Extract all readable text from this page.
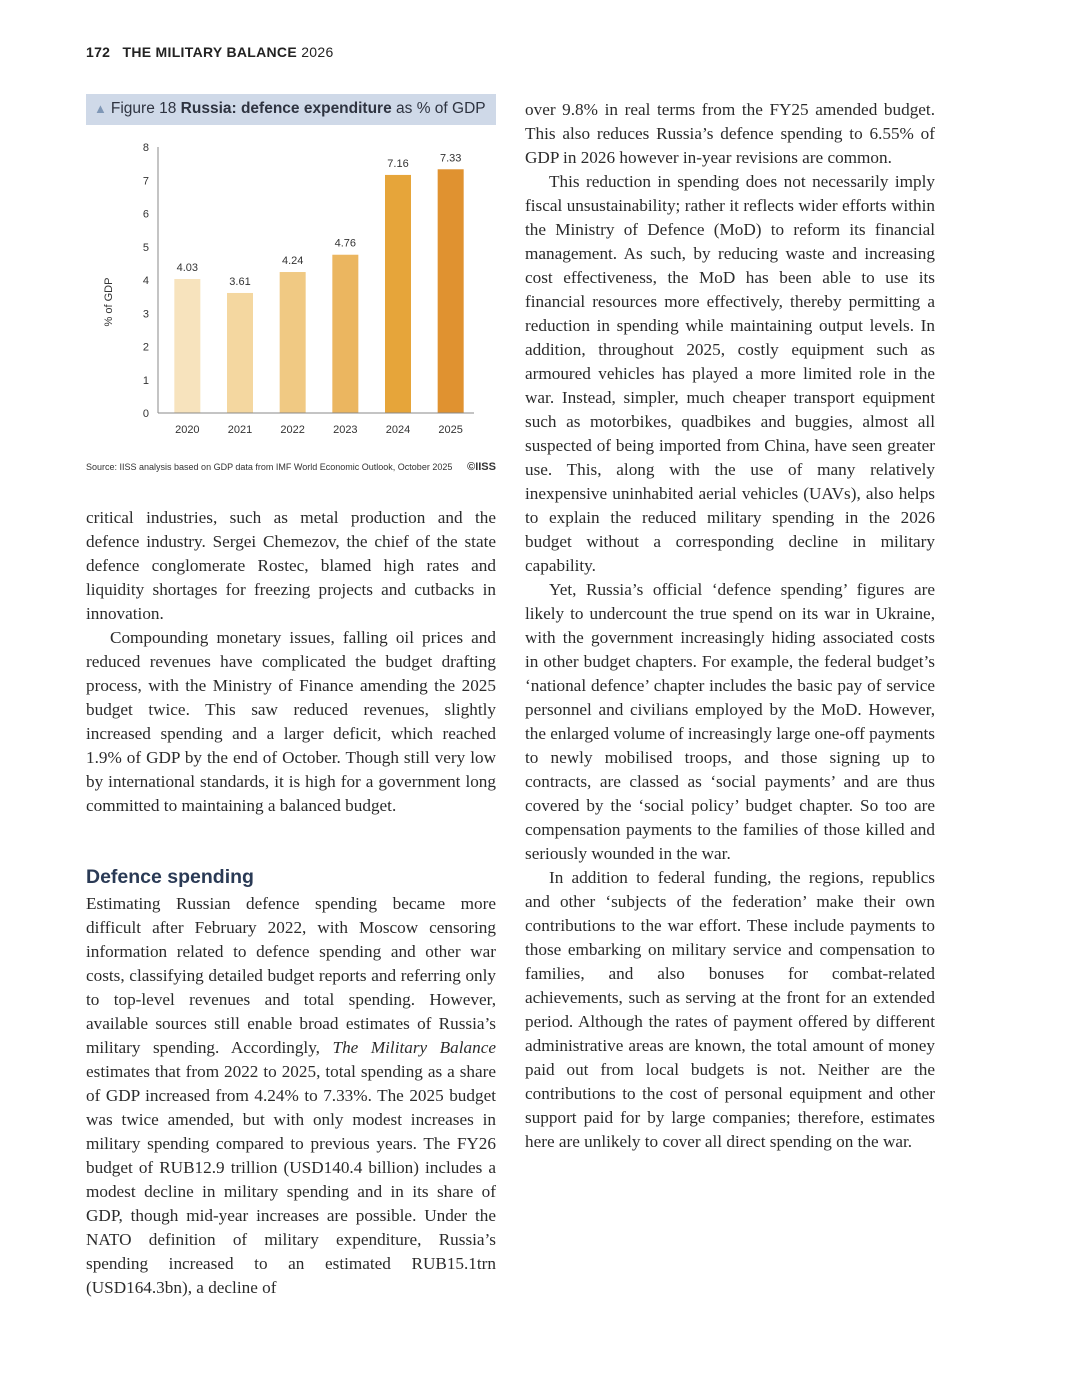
172 THE MILITARY BALANCE 2026
▲ Figure 18 Russia: defence expenditure as % of GDP
% of GDP
0
1
2
3
4
5
6
7
8
4.03
3.61
4.24
4.76
7.16	7.33
2020	2021	2022	2023	2024	2025
Source: IISS analysis based on GDP data from IMF World Economic Outlook, October 2025 ©IISS

critical industries, such as metal production and the defence industry. Sergei Chemezov, the chief of the state defence conglomerate Rostec, blamed high rates and liquidity shortages for freezing projects and cutbacks in innovation.

Compounding monetary issues, falling oil prices and reduced revenues have complicated the budget drafting process, with the Ministry of Finance amending the 2025 budget twice. This saw reduced revenues, slightly increased spending and a larger deficit, which reached 1.9% of GDP by the end of October. Though still very low by international standards, it is high for a government long committed to maintaining a balanced budget.

Defence spending

Estimating Russian defence spending became more difficult after February 2022, with Moscow censoring information related to defence spending and other war costs, classifying detailed budget reports and referring only to top-level revenues and total spending. However, available sources still enable broad estimates of Russia’s military spending. Accordingly, The Military Balance estimates that from 2022 to 2025, total spending as a share of GDP increased from 4.24% to 7.33%. The 2025 budget was twice amended, but with only modest increases in military spending compared to previous years. The FY26 budget of RUB12.9 trillion (USD140.4 billion) includes a modest decline in military spending and in its share of GDP, though mid-year increases are possible. Under the NATO definition of military expenditure, Russia’s spending increased to an estimated RUB15.1trn (USD164.3bn), a decline of

over 9.8% in real terms from the FY25 amended budget. This also reduces Russia’s defence spending to 6.55% of GDP in 2026 however in-year revisions are common.

This reduction in spending does not necessarily imply fiscal unsustainability; rather it reflects wider efforts within the Ministry of Defence (MoD) to reform its financial management. As such, by reducing waste and increasing cost effectiveness, the MoD has been able to use its financial resources more effectively, thereby permitting a reduction in spending while maintaining output levels. In addition, throughout 2025, costly equipment such as armoured vehicles has played a more limited role in the war. Instead, simpler, much cheaper transport equipment such as motorbikes, quadbikes and buggies, almost all suspected of being imported from China, have seen greater use. This, along with the use of many relatively inexpensive uninhabited aerial vehicles (UAVs), also helps to explain the reduced military spending in the 2026 budget without a corresponding decline in military capability.

Yet, Russia’s official ‘defence spending’ figures are likely to undercount the true spend on its war in Ukraine, with the government increasingly hiding associated costs in other budget chapters. For example, the federal budget’s ‘national defence’ chapter includes the basic pay of service personnel and civilians employed by the MoD. However, the enlarged volume of increasingly large one-off payments to newly mobilised troops, and those signing up to contracts, are classed as ‘social payments’ and are thus covered by the ‘social policy’ budget chapter. So too are compensation payments to the families of those killed and seriously wounded in the war.

In addition to federal funding, the regions, republics and other ‘subjects of the federation’ make their own contributions to the war effort. These include payments to those embarking on military service and compensation to families, and also bonuses for combat-related achievements, such as serving at the front for an extended period. Although the rates of payment offered by different administrative areas are known, the total amount of money paid out from local budgets is not. Neither are the contributions to the cost of personal equipment and other support paid for by large companies; therefore, estimates here are unlikely to cover all direct spending on the war.
